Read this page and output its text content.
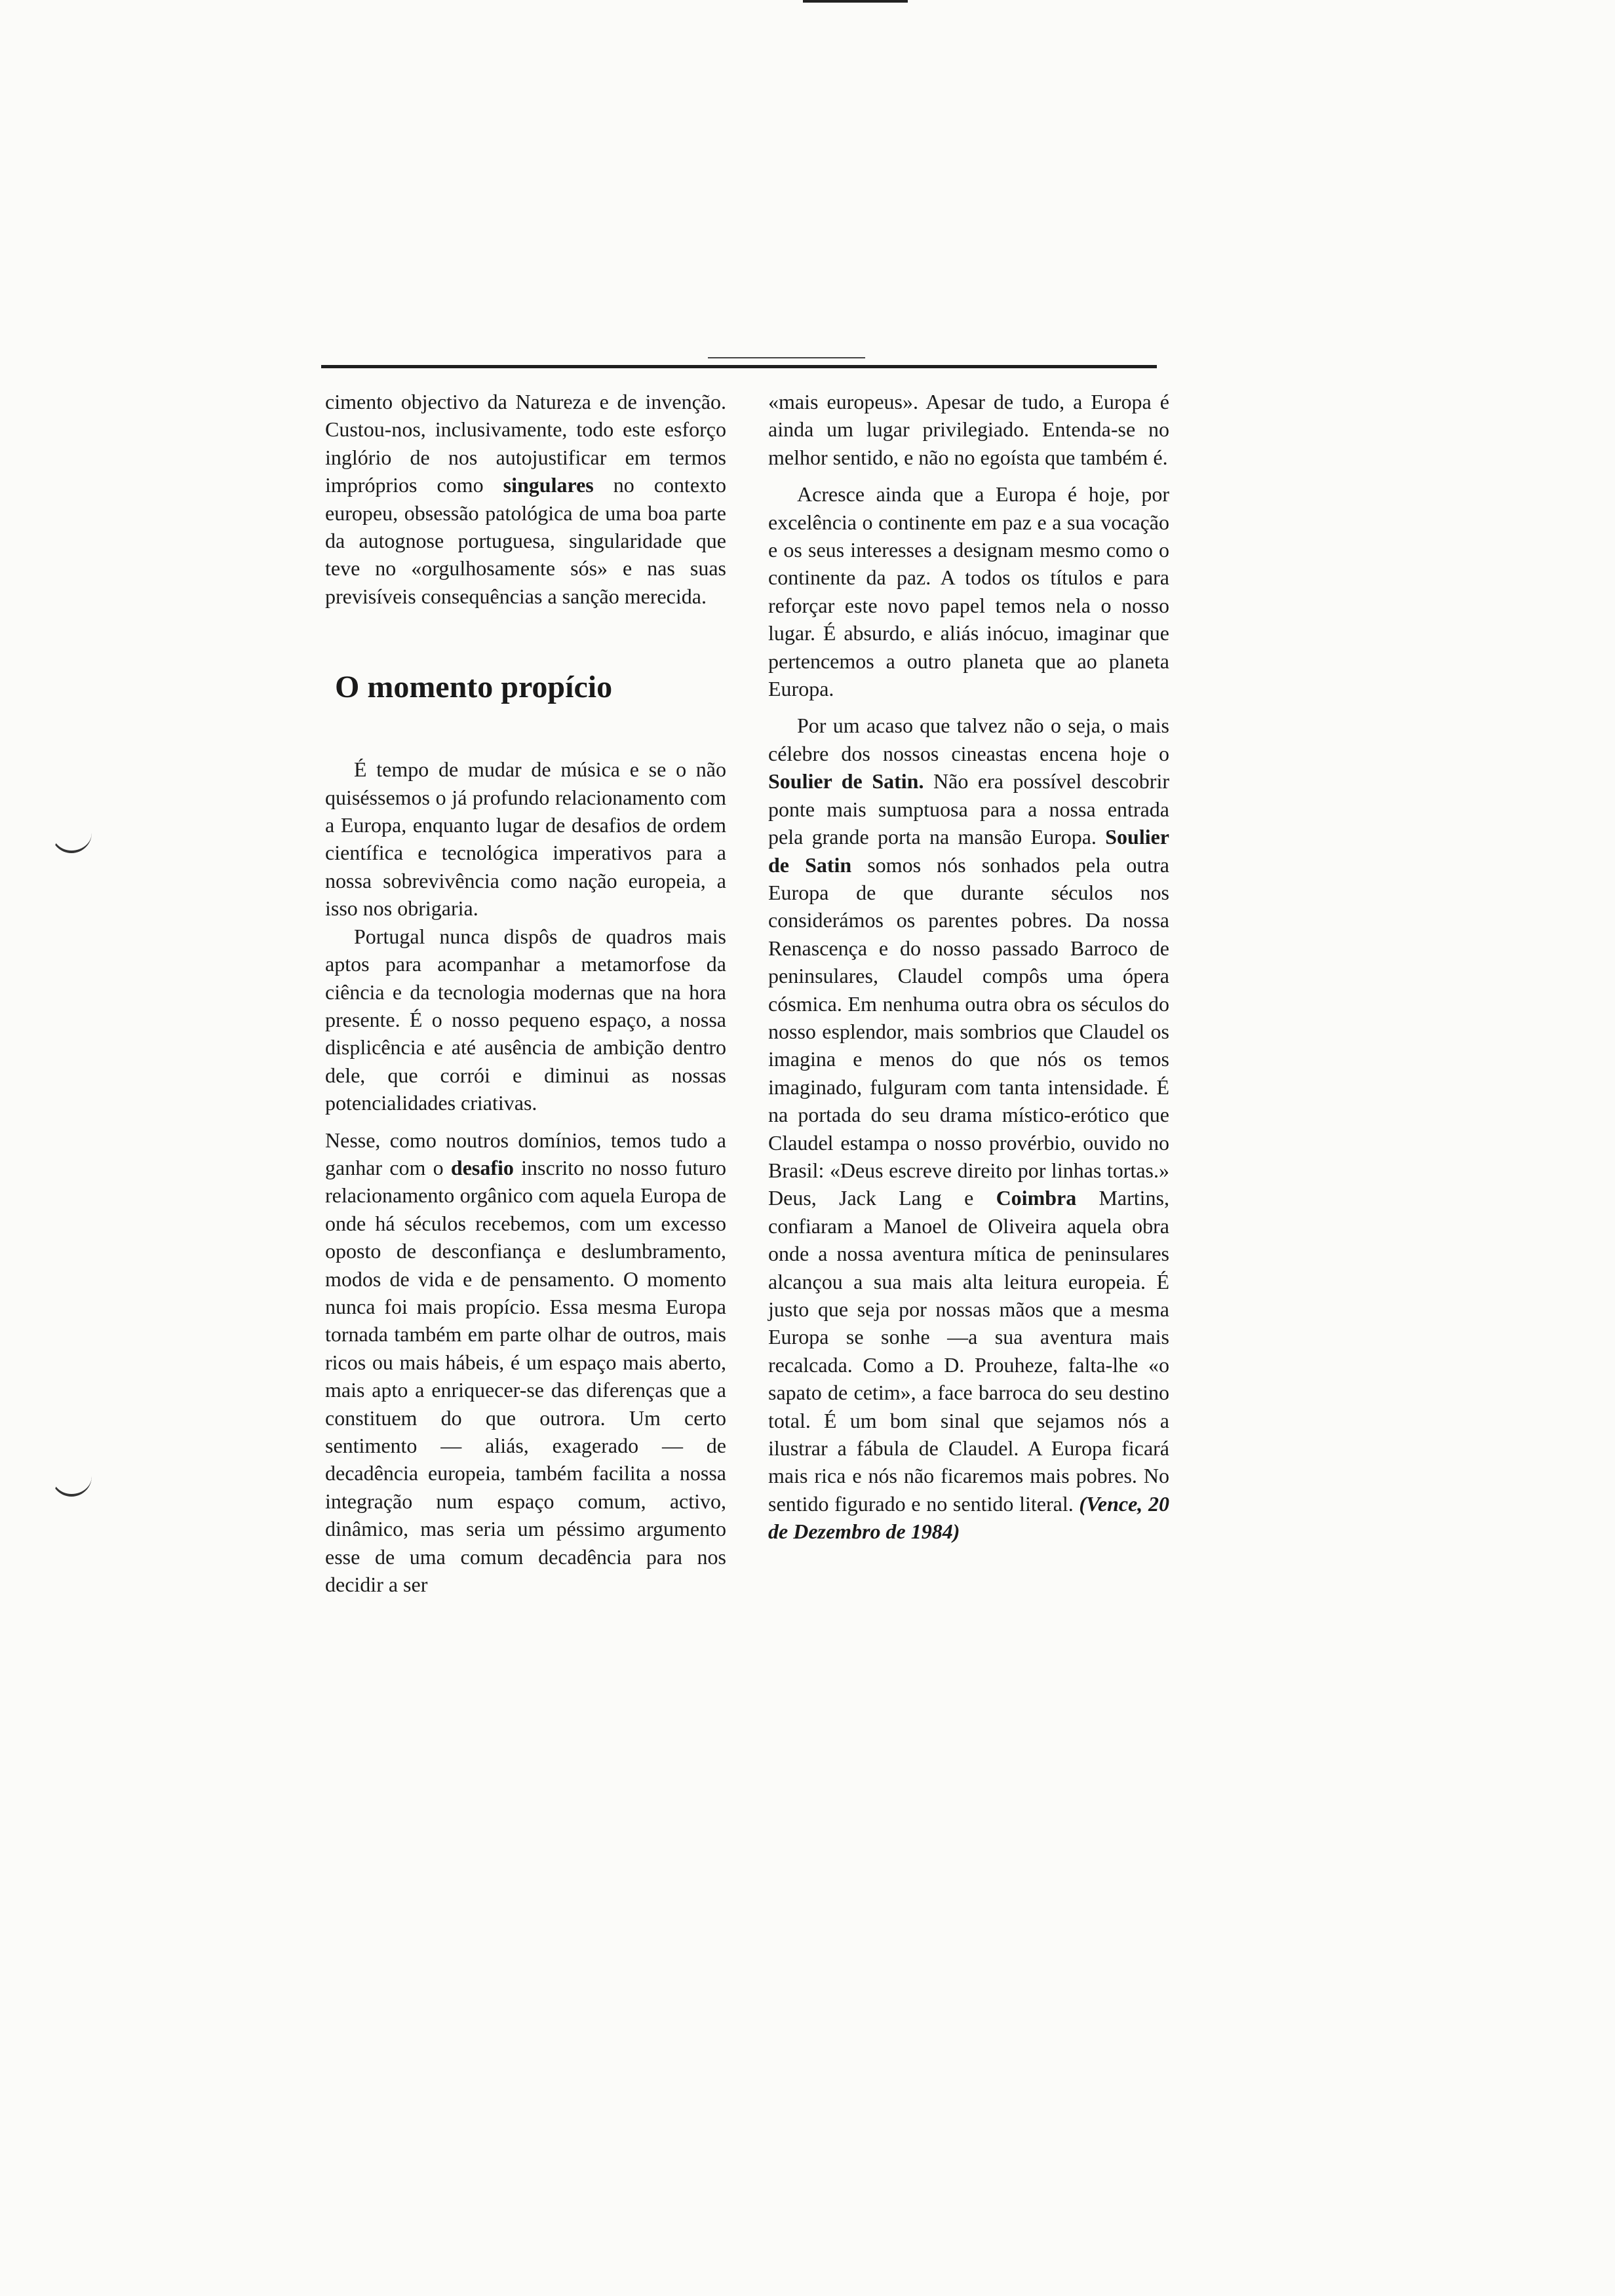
cimento objectivo da Natureza e de invenção. Custou-nos, inclusivamente, todo este esforço inglório de nos autojustificar em termos impróprios como singulares no contexto europeu, obsessão patológica de uma boa parte da autognose portuguesa, singularidade que teve no «orgulhosamente sós» e nas suas previsíveis consequências a sanção merecida.

O momento propício

É tempo de mudar de música e se o não quiséssemos o já profundo relacionamento com a Europa, enquanto lugar de desafios de ordem científica e tecnológica imperativos para a nossa sobrevivência como nação europeia, a isso nos obrigaria.

Portugal nunca dispôs de quadros mais aptos para acompanhar a metamorfose da ciência e da tecnologia modernas que na hora presente. É o nosso pequeno espaço, a nossa displicência e até ausência de ambição dentro dele, que corrói e diminui as nossas potencialidades criativas.

Nesse, como noutros domínios, temos tudo a ganhar com o desafio inscrito no nosso futuro relacionamento orgânico com aquela Europa de onde há séculos recebemos, com um excesso oposto de desconfiança e deslumbramento, modos de vida e de pensamento. O momento nunca foi mais propício. Essa mesma Europa tornada também em parte olhar de outros, mais ricos ou mais hábeis, é um espaço mais aberto, mais apto a enriquecer-se das diferenças que a constituem do que outrora. Um certo sentimento — aliás, exagerado — de decadência europeia, também facilita a nossa integração num espaço comum, activo, dinâmico, mas seria um péssimo argumento esse de uma comum decadência para nos decidir a ser

«mais europeus». Apesar de tudo, a Europa é ainda um lugar privilegiado. Entenda-se no melhor sentido, e não no egoísta que também é.

Acresce ainda que a Europa é hoje, por excelência o continente em paz e a sua vocação e os seus interesses a designam mesmo como o continente da paz. A todos os títulos e para reforçar este novo papel temos nela o nosso lugar. É absurdo, e aliás inócuo, imaginar que pertencemos a outro planeta que ao planeta Europa.

Por um acaso que talvez não o seja, o mais célebre dos nossos cineastas encena hoje o Soulier de Satin. Não era possível descobrir ponte mais sumptuosa para a nossa entrada pela grande porta na mansão Europa. Soulier de Satin somos nós sonhados pela outra Europa de que durante séculos nos considerámos os parentes pobres. Da nossa Renascença e do nosso passado Barroco de peninsulares, Claudel compôs uma ópera cósmica. Em nenhuma outra obra os séculos do nosso esplendor, mais sombrios que Claudel os imagina e menos do que nós os temos imaginado, fulguram com tanta intensidade. É na portada do seu drama místico-erótico que Claudel estampa o nosso provérbio, ouvido no Brasil: «Deus escreve direito por linhas tortas.» Deus, Jack Lang e Coimbra Martins, confiaram a Manoel de Oliveira aquela obra onde a nossa aventura mítica de peninsulares alcançou a sua mais alta leitura europeia. É justo que seja por nossas mãos que a mesma Europa se sonhe —a sua aventura mais recalcada. Como a D. Prouheze, falta-lhe «o sapato de cetim», a face barroca do seu destino total. É um bom sinal que sejamos nós a ilustrar a fábula de Claudel. A Europa ficará mais rica e nós não ficaremos mais pobres. No sentido figurado e no sentido literal. (Vence, 20 de Dezembro de 1984)
